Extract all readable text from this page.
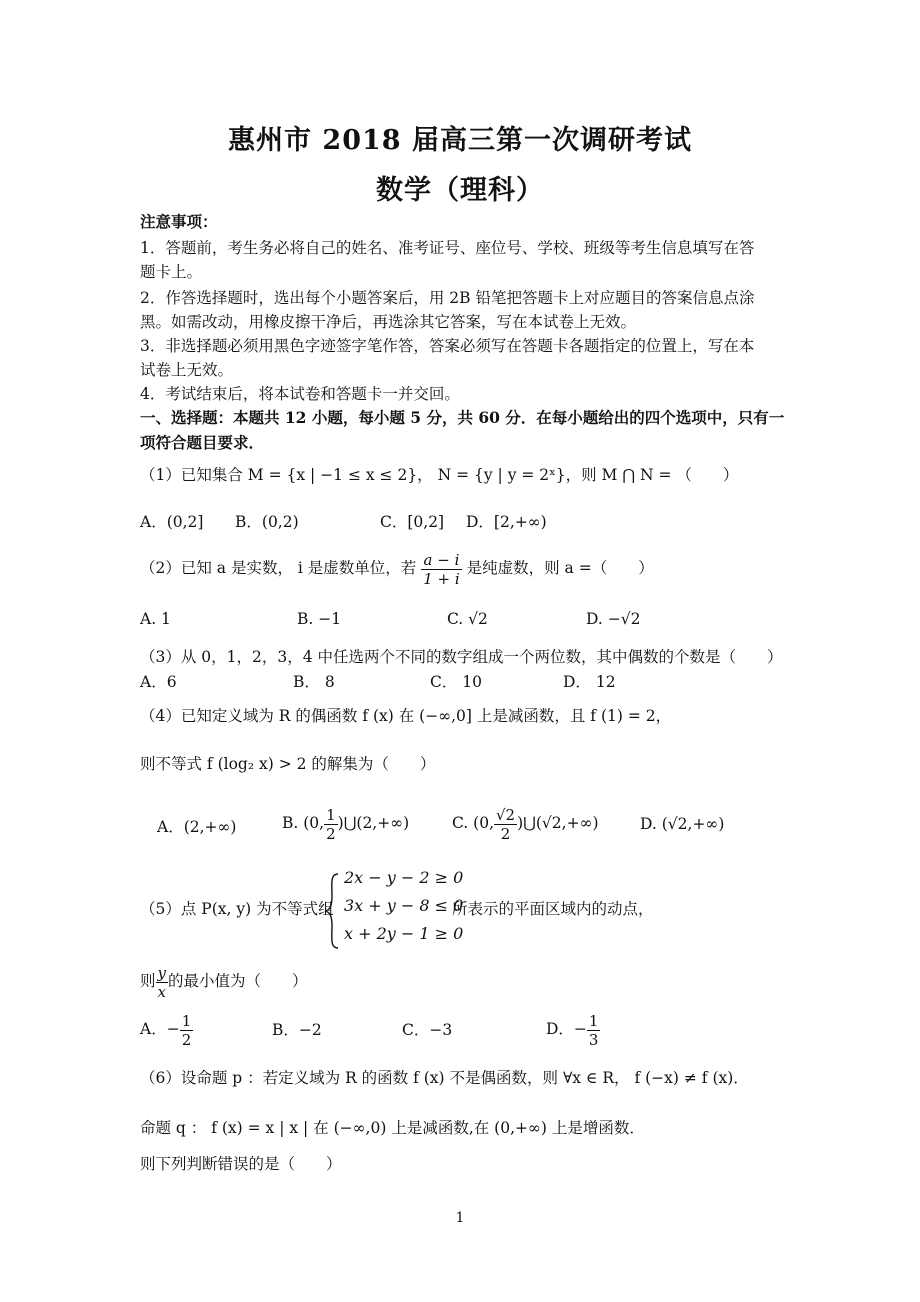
惠州市 2018 届高三第一次调研考试
数学（理科）
注意事项：
1．答题前，考生务必将自己的姓名、准考证号、座位号、学校、班级等考生信息填写在答
题卡上。
2．作答选择题时，选出每个小题答案后，用 2B 铅笔把答题卡上对应题目的答案信息点涂
黑。如需改动，用橡皮擦干净后，再选涂其它答案，写在本试卷上无效。
3．非选择题必须用黑色字迹签字笔作答，答案必须写在答题卡各题指定的位置上，写在本
试卷上无效。
4．考试结束后，将本试卷和答题卡一并交回。
一、选择题：本题共 12 小题，每小题 5 分，共 60 分．在每小题给出的四个选项中，只有一
项符合题目要求．
（1）已知集合 M = {x | −1 ≤ x ≤ 2}， N = {y | y = 2ˣ}，则 M ⋂ N = （　　）
A．(0,2] B．(0,2)	C．[0,2] D．[2,+∞)
（2）已知 a 是实数， i 是虚数单位，若 $\frac{a - i}{1 + i}$ 是纯虚数，则 a =（　　）
A. 1	B. −1	C. √2	D. −√2
（3）从 0，1，2，3，4 中任选两个不同的数字组成一个两位数，其中偶数的个数是（　　）
A．6	B． 8	C． 10	D． 12
（4）已知定义域为 R 的偶函数 f (x) 在 (−∞,0] 上是减函数，且 f (1) = 2，
则不等式 f (log₂ x) > 2 的解集为（　　）
A．(2,+∞)	B. (0, $\frac{1}{2}$ )⋃(2,+∞)	C. (0, $\frac{√2}{2}$ )⋃(√2,+∞)	D. (√2,+∞)
（5）点 P(x, y) 为不等式组
2x − y − 2 ≥ 0
3x + y − 8 ≤ 0
x + 2y − 1 ≥ 0
所表示的平面区域内的动点，
则 $\frac{y}{x}$ 的最小值为（　　）
A．− $\frac{1}{2}$	B．−2	C．−3	D．− $\frac{1}{3}$
（6）设命题 p ：若定义域为 R 的函数 f (x) 不是偶函数，则 ∀x ∈ R， f (−x) ≠ f (x)．
命题 q ： f (x) = x | x | 在 (−∞,0) 上是减函数,在 (0,+∞) 上是增函数．
则下列判断错误的是（　　）
1
